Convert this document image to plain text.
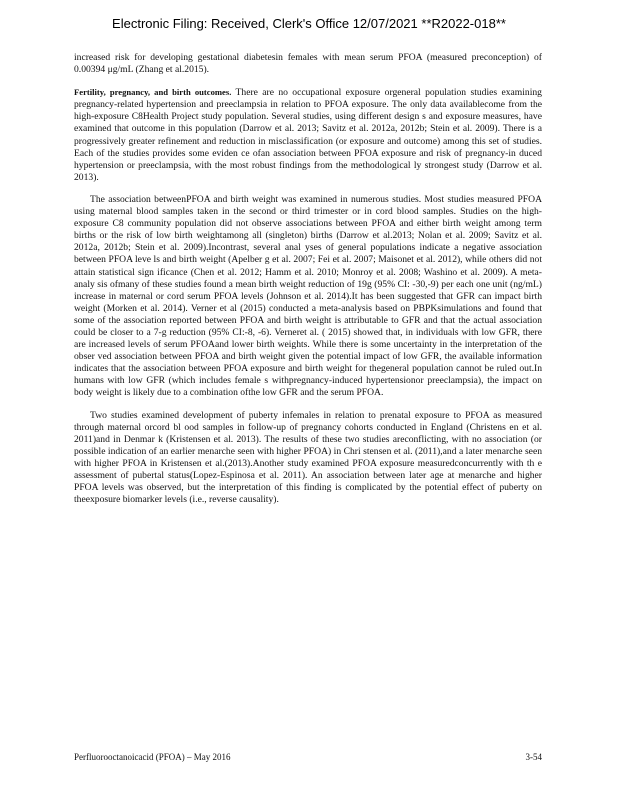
Electronic Filing: Received, Clerk's Office 12/07/2021 **R2022-018**

increased risk for developing gestational diabetesin females with mean serum PFOA (measured preconception) of 0.00394 μg/mL (Zhang et al.2015).

Fertility, pregnancy, and birth outcomes. There are no occupational exposure orgeneral population studies examining pregnancy-related hypertension and preeclampsia in relation to PFOA exposure. The only data availablecome from the high-exposure C8Health Project study population. Several studies, using different design s and exposure measures, have examined that outcome in this population (Darrow et al. 2013; Savitz et al. 2012a, 2012b; Stein et al. 2009). There is a progressively greater refinement and reduction in misclassification (or exposure and outcome) among this set of studies. Each of the studies provides some eviden ce ofan association between PFOA exposure and risk of pregnancy-in duced hypertension or preeclampsia, with the most robust findings from the methodological ly strongest study (Darrow et al. 2013).

The association betweenPFOA and birth weight was examined in numerous studies. Most studies measured PFOA using maternal blood samples taken in the second or third trimester or in cord blood samples. Studies on the high-exposure C8 community population did not observe associations between PFOA and either birth weight among term births or the risk of low birth weightamong all (singleton) births (Darrow et al.2013; Nolan et al. 2009; Savitz et al. 2012a, 2012b; Stein et al. 2009).Incontrast, several anal yses of general populations indicate a negative association between PFOA leve ls and birth weight (Apelber g et al. 2007; Fei et al. 2007; Maisonet et al. 2012), while others did not attain statistical sign ificance (Chen et al. 2012; Hamm et al. 2010; Monroy et al. 2008; Washino et al. 2009). A meta-analy sis ofmany of these studies found a mean birth weight reduction of 19g (95% CI: -30,-9) per each one unit (ng/mL) increase in maternal or cord serum PFOA levels (Johnson et al. 2014).It has been suggested that GFR can impact birth weight (Morken et al. 2014). Verner et al (2015) conducted a meta-analysis based on PBPKsimulations and found that some of the association reported between PFOA and birth weight is attributable to GFR and that the actual association could be closer to a 7-g reduction (95% CI:-8, -6). Verneret al. ( 2015) showed that, in individuals with low GFR, there are increased levels of serum PFOAand lower birth weights. While there is some uncertainty in the interpretation of the obser ved association between PFOA and birth weight given the potential impact of low GFR, the available information indicates that the association between PFOA exposure and birth weight for thegeneral population cannot be ruled out.In humans with low GFR (which includes female s withpregnancy-induced hypertensionor preeclampsia), the impact on body weight is likely due to a combination ofthe low GFR and the serum PFOA.

Two studies examined development of puberty infemales in relation to prenatal exposure to PFOA as measured through maternal orcord bl ood samples in follow-up of pregnancy cohorts conducted in England (Christens en et al. 2011)and in Denmar k (Kristensen et al. 2013). The results of these two studies areconflicting, with no association (or possible indication of an earlier menarche seen with higher PFOA) in Chri stensen et al. (2011),and a later menarche seen with higher PFOA in Kristensen et al.(2013).Another study examined PFOA exposure measuredconcurrently with th e assessment of pubertal status(Lopez-Espinosa et al. 2011). An association between later age at menarche and higher PFOA levels was observed, but the interpretation of this finding is complicated by the potential effect of puberty on theexposure biomarker levels (i.e., reverse causality).

Perfluorooctanoicacid (PFOA) – May 2016	3-54
